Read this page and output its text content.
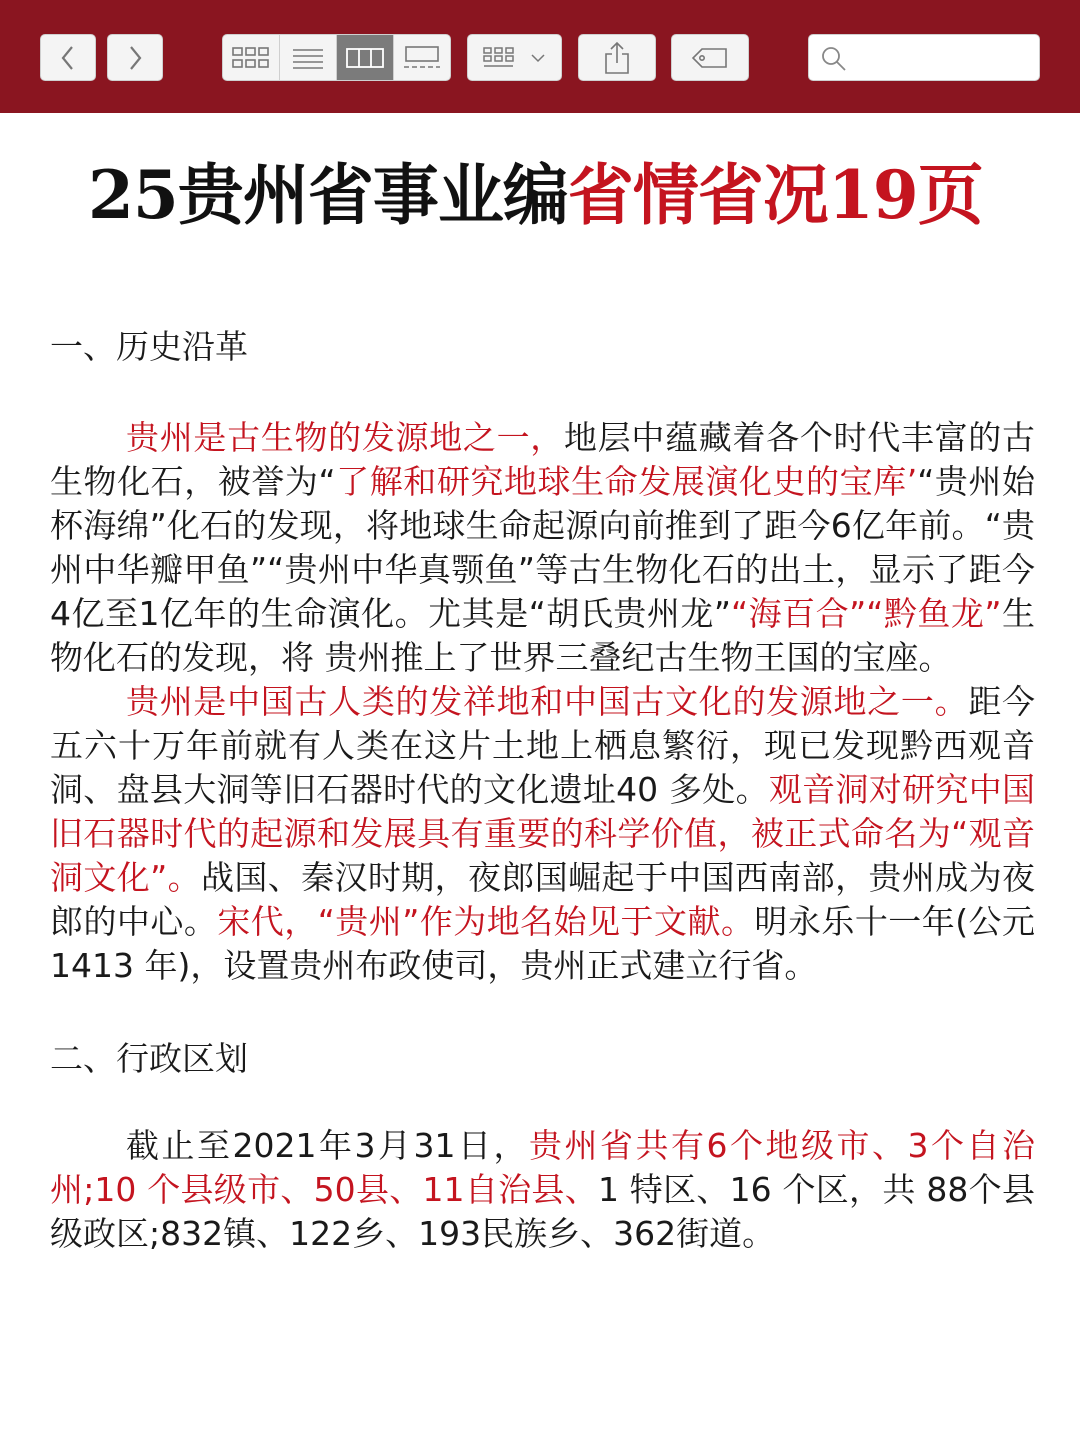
25贵州省事业编省情省况19页

一、历史沿革

贵州是古生物的发源地之一，地层中蕴藏着各个时代丰富的古生物化石，被誉为“了解和研究地球生命发展演化史的宝库’“贵州始杯海绵”化石的发现，将地球生命起源向前推到了距今6亿年前。“贵州中华瓣甲鱼”“贵州中华真颚鱼”等古生物化石的出土，显示了距今4亿至1亿年的生命演化。尤其是“胡氏贵州龙”“海百合”“黔鱼龙”生物化石的发现，将 贵州推上了世界三叠纪古生物王国的宝座。

贵州是中国古人类的发祥地和中国古文化的发源地之一。距今五六十万年前就有人类在这片土地上栖息繁衍，现已发现黔西观音洞、盘县大洞等旧石器时代的文化遗址40 多处。观音洞对研究中国旧石器时代的起源和发展具有重要的科学价值，被正式命名为“观音洞文化”。战国、秦汉时期，夜郎国崛起于中国西南部，贵州成为夜郎的中心。宋代，“贵州”作为地名始见于文献。明永乐十一年(公元 1413 年)，设置贵州布政使司，贵州正式建立行省。

二、行政区划

截止至2021年3月31日，贵州省共有6个地级市、3个自治州;10 个县级市、50县、11自治县、1 特区、16 个区，共 88个县级政区;832镇、122乡、193民族乡、362街道。
